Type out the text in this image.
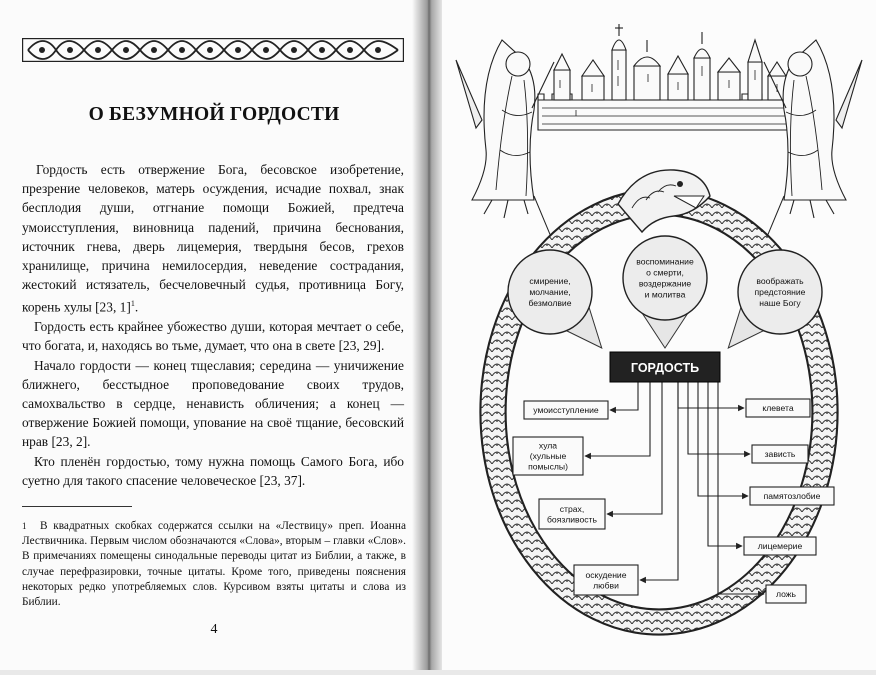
О БЕЗУМНОЙ ГОРДОСТИ

Гордость есть отвержение Бога, бесовское изобретение, презрение человеков, матерь осуждения, исчадие похвал, знак бесплодия души, отгнание помощи Божией, предтеча умоисступления, виновница падений, причина беснования, источник гнева, дверь лицемерия, твердыня бесов, грехов хранилище, причина немилосердия, неведение сострадания, жестокий истязатель, бесчеловечный судья, противница Богу, корень хулы [23, 1]$^1$.

Гордость есть крайнее убожество души, которая мечтает о себе, что богата, и, находясь во тьме, думает, что она в свете [23, 29].

Начало гордости — конец тщеславия; середина — уничижение ближнего, бесстыдное проповедование своих трудов, самохвальство в сердце, ненависть обличения; а конец — отвержение Божией помощи, упование на своё тщание, бесовский нрав [23, 2].

Кто пленён гордостью, тому нужна помощь Самого Бога, ибо суетно для такого спасение человеческое [23, 37].

1 В квадратных скобках содержатся ссылки на «Лествицу» преп. Иоанна Лествичника. Первым числом обозначаются «Слова», вторым – главки «Слов». В примечаниях помещены синодальные переводы цитат из Библии, а также, в случае перефразировки, точные цитаты. Кроме того, приведены пояснения некоторых редко употребляемых слов. Курсивом взяты цитаты и слова из Библии.
4
смирение,
молчание,
безмолвие
воспоминание
о смерти,
воздержание
и молитва
воображать
предстояние
наше Богу
ГОРДОСТЬ
умоисступление
хула
(хульные
помыслы)
страх,
боязливость
оскудение
любви
клевета
зависть
памятозлобие
лицемерие
ложь
